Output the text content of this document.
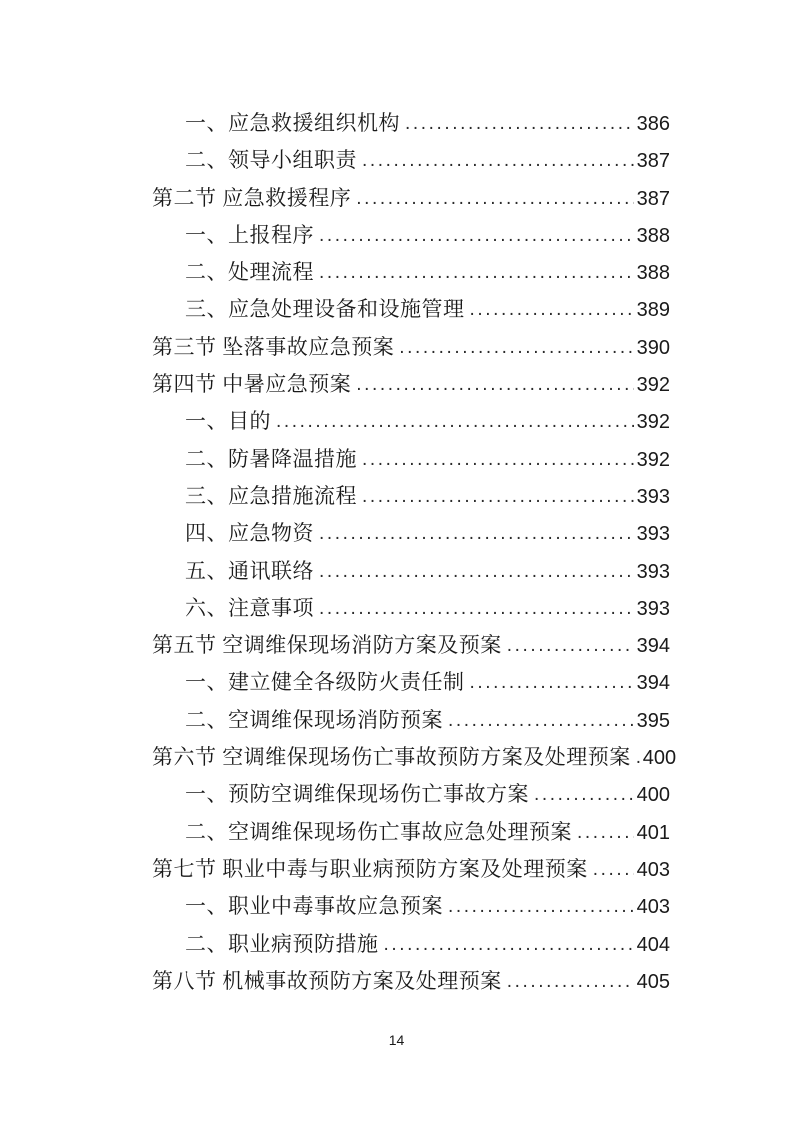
一、应急救援组织机构 .....	386
二、领导小组职责 .....	387
第二节 应急救援程序 .....	387
一、上报程序 .....	388
二、处理流程 .....	388
三、应急处理设备和设施管理 .....	389
第三节 坠落事故应急预案 .....	390
第四节 中暑应急预案 .....	392
一、目的 .....	392
二、防暑降温措施 .....	392
三、应急措施流程 .....	393
四、应急物资 .....	393
五、通讯联络 .....	393
六、注意事项 .....	393
第五节 空调维保现场消防方案及预案 .....	394
一、建立健全各级防火责任制 .....	394
二、空调维保现场消防预案 .....	395
第六节 空调维保现场伤亡事故预防方案及处理预案 ..... 400
一、预防空调维保现场伤亡事故方案 .....	400
二、空调维保现场伤亡事故应急处理预案 .....	401
第七节 职业中毒与职业病预防方案及处理预案 ..... 403
一、职业中毒事故应急预案 .....	403
二、职业病预防措施 .....	404
第八节 机械事故预防方案及处理预案 .....	405
14
